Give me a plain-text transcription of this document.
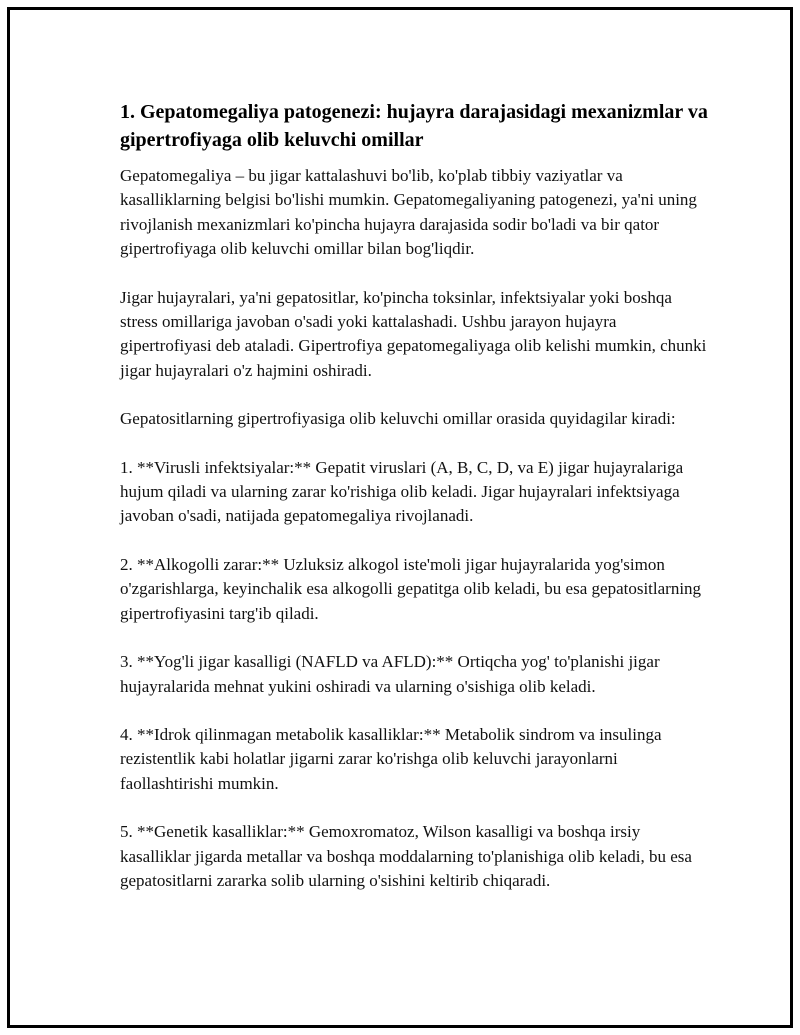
1. Gepatomegaliya patogenezi: hujayra darajasidagi mexanizmlar va gipertrofiyaga olib keluvchi omillar

Gepatomegaliya – bu jigar kattalashuvi bo'lib, ko'plab tibbiy vaziyatlar va kasalliklarning belgisi bo'lishi mumkin. Gepatomegaliyaning patogenezi, ya'ni uning rivojlanish mexanizmlari ko'pincha hujayra darajasida sodir bo'ladi va bir qator gipertrofiyaga olib keluvchi omillar bilan bog'liqdir.

Jigar hujayralari, ya'ni gepatositlar, ko'pincha toksinlar, infektsiyalar yoki boshqa stress omillariga javoban o'sadi yoki kattalashadi. Ushbu jarayon hujayra gipertrofiyasi deb ataladi. Gipertrofiya gepatomegaliyaga olib kelishi mumkin, chunki jigar hujayralari o'z hajmini oshiradi.

Gepatositlarning gipertrofiyasiga olib keluvchi omillar orasida quyidagilar kiradi:

1. **Virusli infektsiyalar:** Gepatit viruslari (A, B, C, D, va E) jigar hujayralariga hujum qiladi va ularning zarar ko'rishiga olib keladi. Jigar hujayralari infektsiyaga javoban o'sadi, natijada gepatomegaliya rivojlanadi.

2. **Alkogolli zarar:** Uzluksiz alkogol iste'moli jigar hujayralarida yog'simon o'zgarishlarga, keyinchalik esa alkogolli gepatitga olib keladi, bu esa gepatositlarning gipertrofiyasini targ'ib qiladi.

3. **Yog'li jigar kasalligi (NAFLD va AFLD):** Ortiqcha yog' to'planishi jigar hujayralarida mehnat yukini oshiradi va ularning o'sishiga olib keladi.

4. **Idrok qilinmagan metabolik kasalliklar:** Metabolik sindrom va insulinga rezistentlik kabi holatlar jigarni zarar ko'rishga olib keluvchi jarayonlarni faollashtirishi mumkin.

5. **Genetik kasalliklar:** Gemoxromatoz, Wilson kasalligi va boshqa irsiy kasalliklar jigarda metallar va boshqa moddalarning to'planishiga olib keladi, bu esa gepatositlarni zararka solib ularning o'sishini keltirib chiqaradi.
